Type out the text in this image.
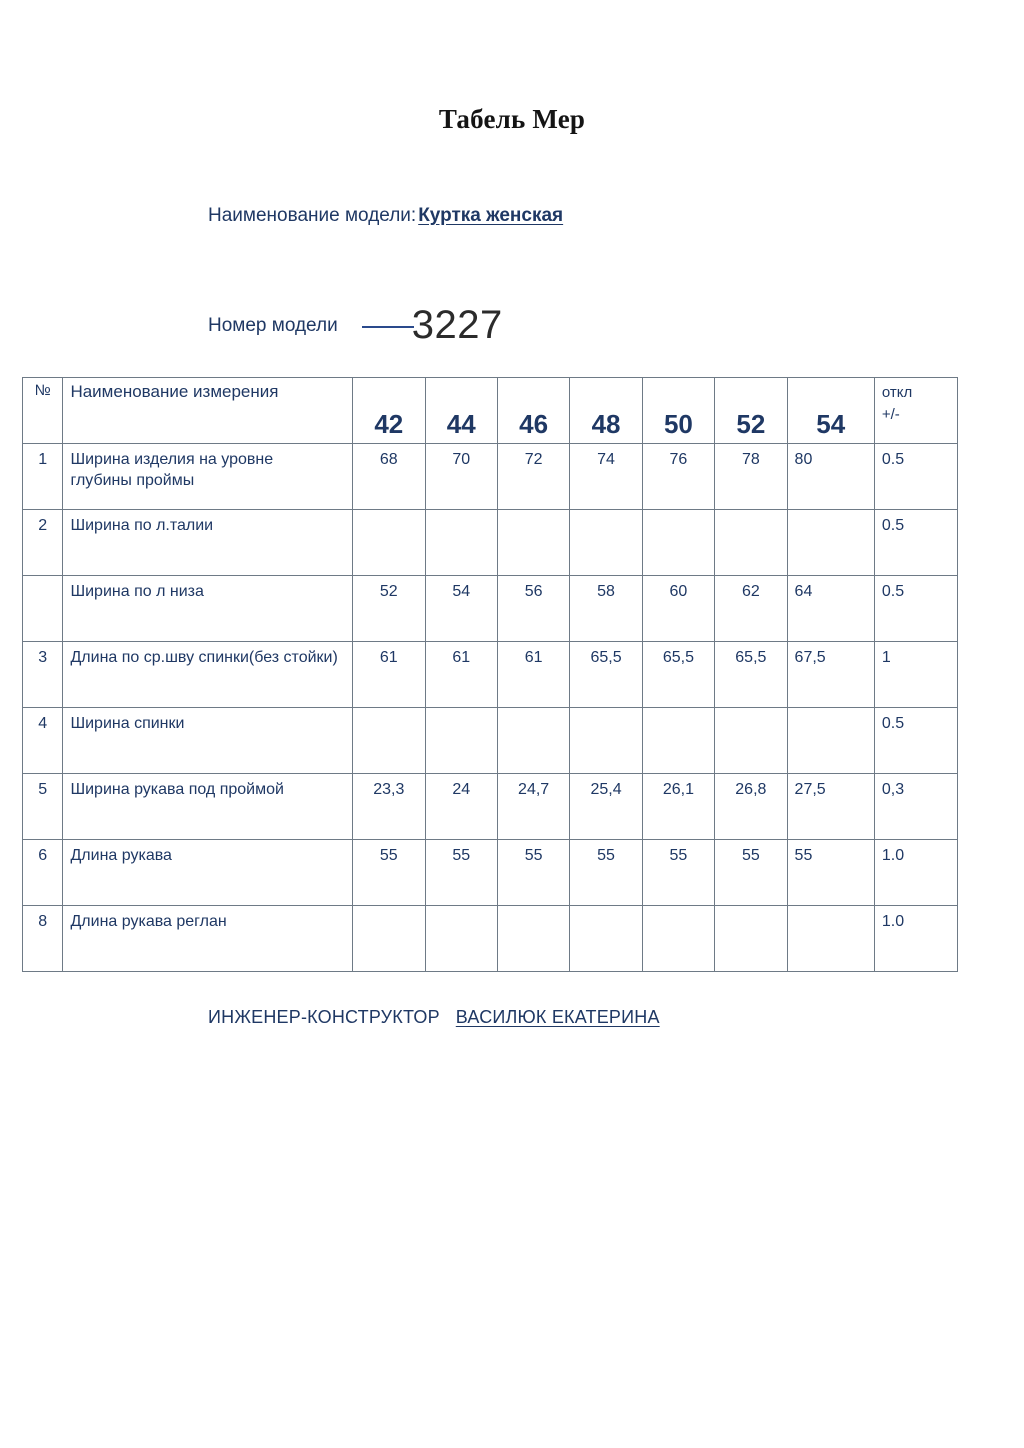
Табель Мер
Наименование модели: Куртка женская
Номер модели 3227
№	Наименование измерения	42	44	46	48	50	52	54	откл
+/-
1	Ширина изделия на уровне
глубины проймы	68	70	72	74	76	78	80	0.5
2	Ширина по л.талии								0.5
	Ширина по л низа	52	54	56	58	60	62	64	0.5
3	Длина по ср.шву спинки(без стойки)	61	61	61	65,5	65,5	65,5	67,5	1
4	Ширина спинки								0.5
5	Ширина рукава под проймой	23,3	24	24,7	25,4	26,1	26,8	27,5	0,3
6	Длина рукава	55	55	55	55	55	55	55	1.0
8	Длина рукава реглан								1.0
ИНЖЕНЕР-КОНСТРУКТОР ВАСИЛЮК ЕКАТЕРИНА
